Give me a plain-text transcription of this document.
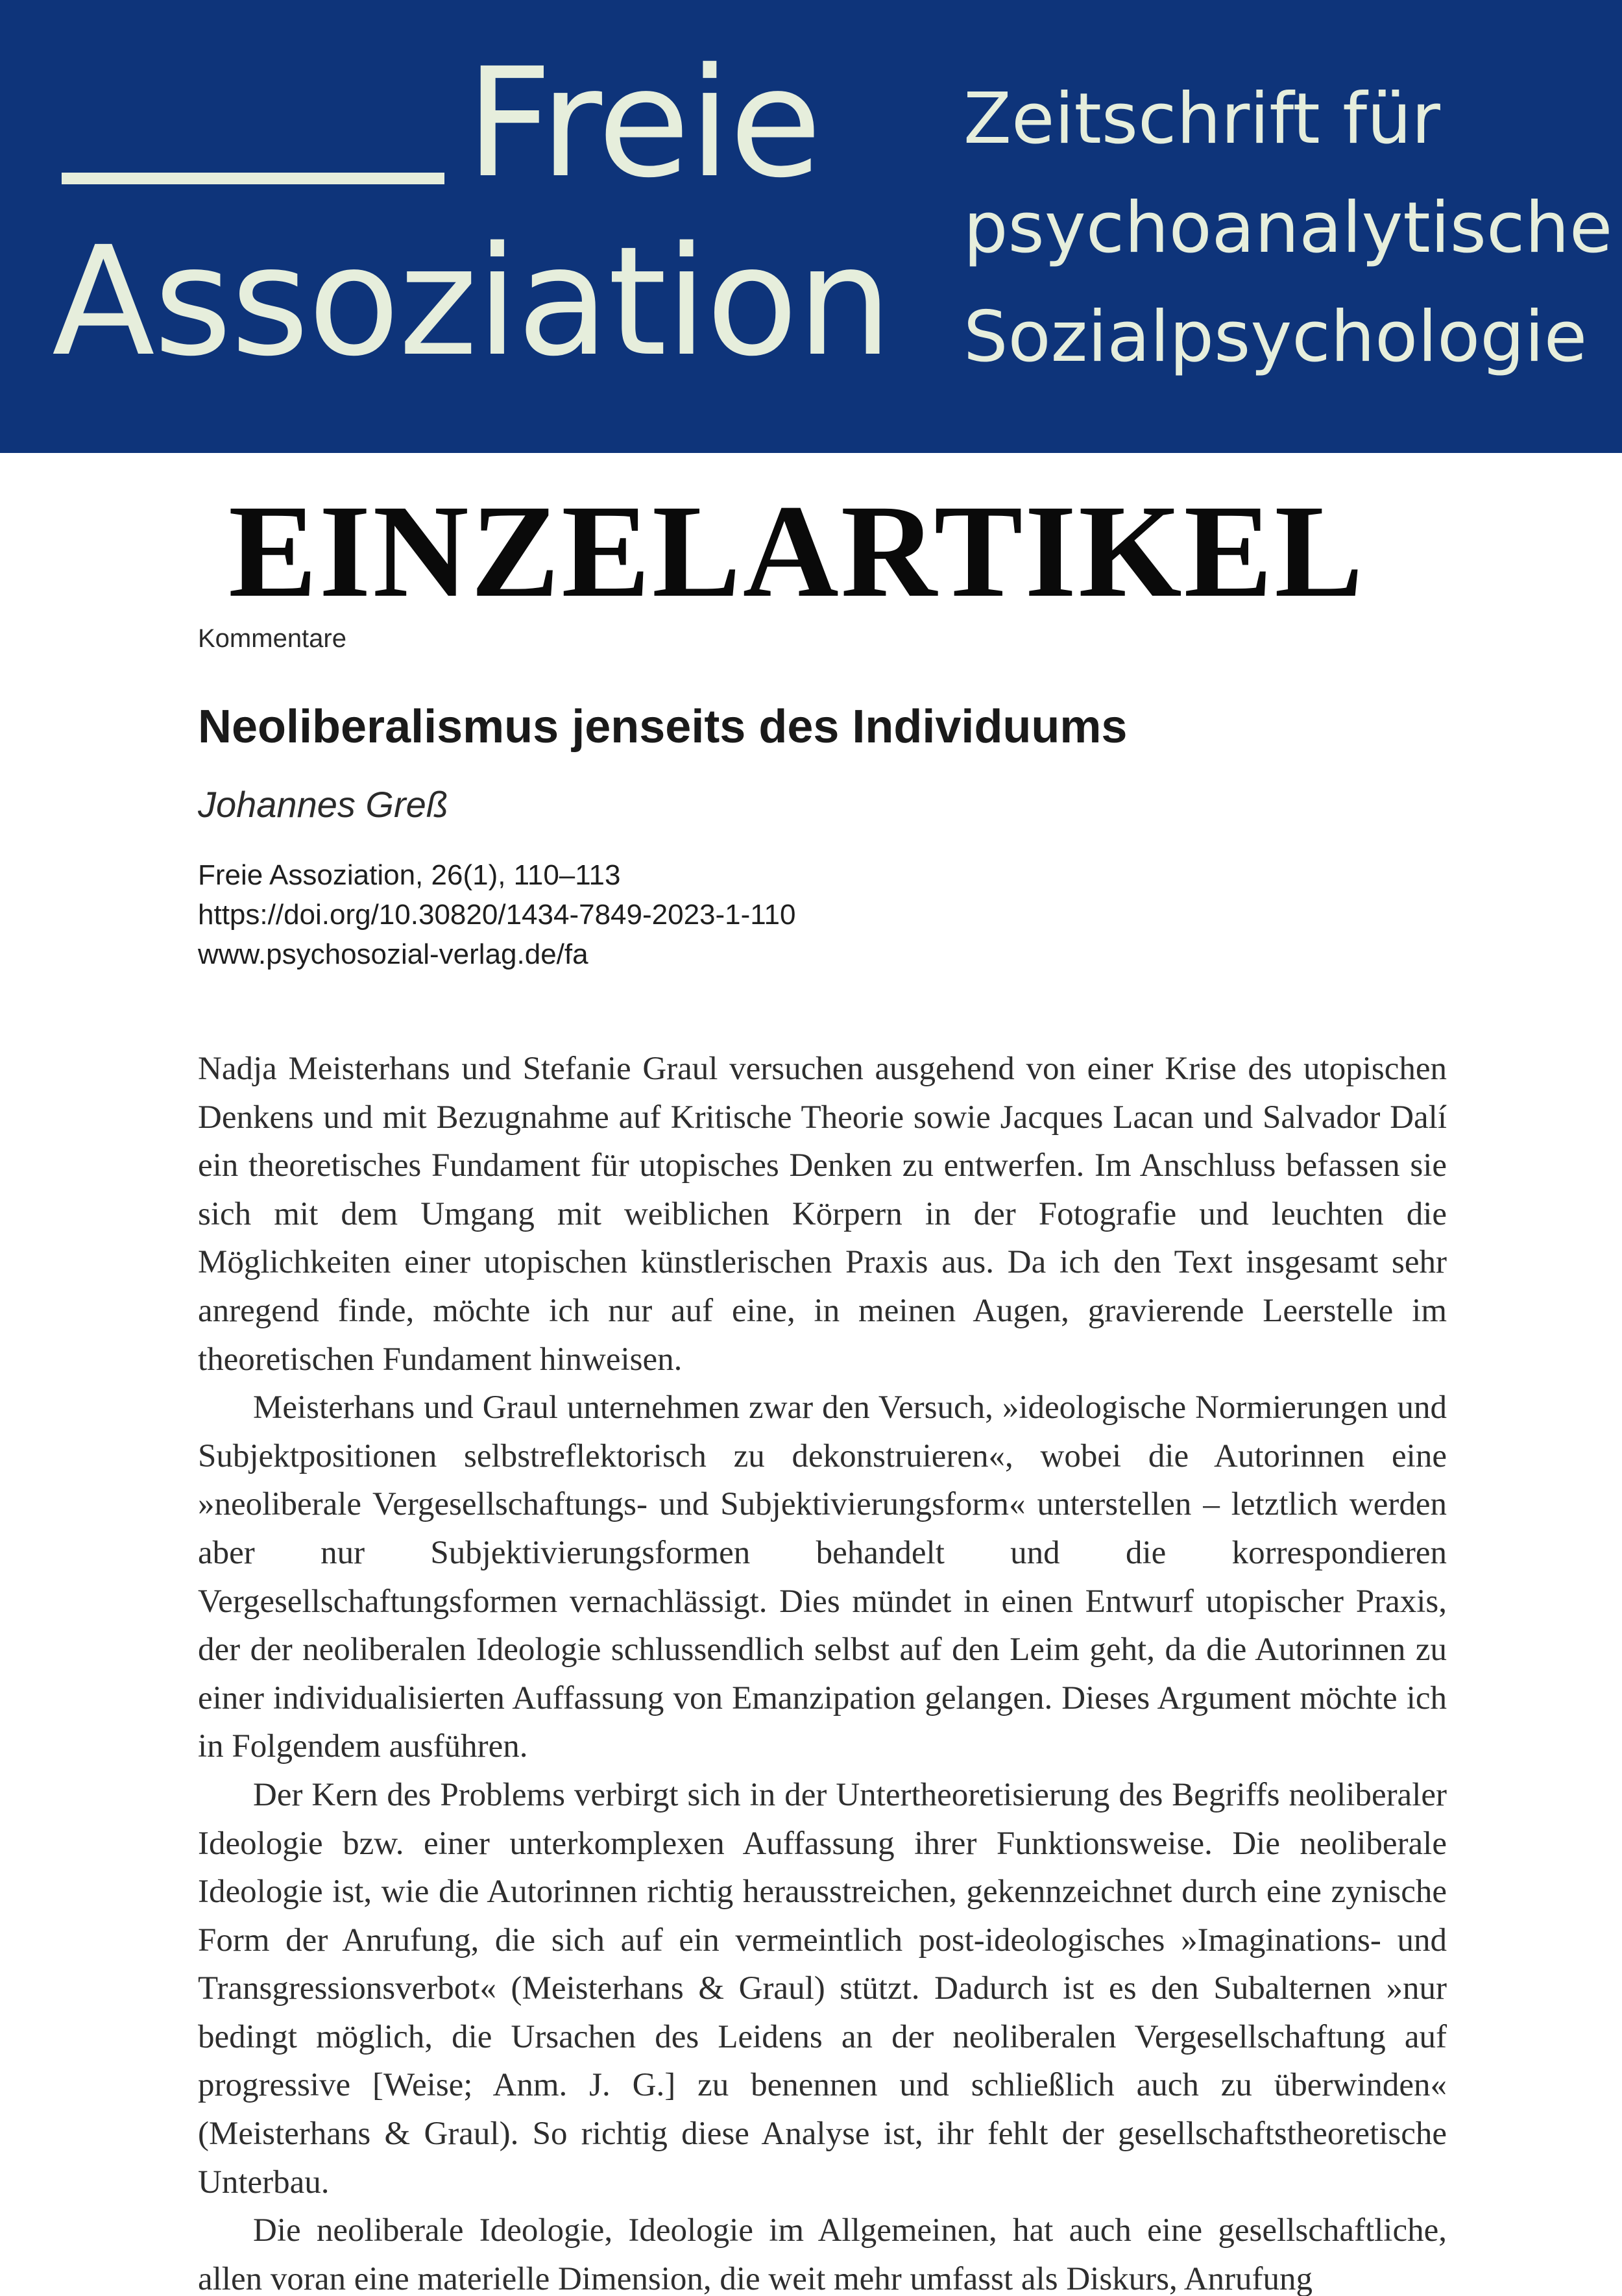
Freie
Assoziation
Zeitschrift für
psychoanalytische
Sozialpsychologie
EINZELARTIKEL
Kommentare
Neoliberalismus jenseits des Individuums
Johannes Greß
Freie Assoziation, 26(1), 110–113
https://doi.org/10.30820/1434-7849-2023-1-110
www.psychosozial-verlag.de/fa

Nadja Meisterhans und Stefanie Graul versuchen ausgehend von einer Krise des utopischen Denkens und mit Bezugnahme auf Kritische Theorie sowie Jacques Lacan und Salvador Dalí ein theoretisches Fundament für utopisches Denken zu entwerfen. Im Anschluss befassen sie sich mit dem Umgang mit weiblichen Körpern in der Fotografie und leuchten die Möglichkeiten einer utopischen künstlerischen Praxis aus. Da ich den Text insgesamt sehr anregend finde, möchte ich nur auf eine, in meinen Augen, gravierende Leerstelle im theoretischen Fundament hinweisen.

Meisterhans und Graul unternehmen zwar den Versuch, »ideologische Normierungen und Subjektpositionen selbstreflektorisch zu dekonstruieren«, wobei die Autorinnen eine »neoliberale Vergesellschaftungs- und Subjektivierungsform« unterstellen – letztlich werden aber nur Subjektivierungsformen behandelt und die korrespondieren Vergesellschaftungsformen vernachlässigt. Dies mündet in einen Entwurf utopischer Praxis, der der neoliberalen Ideologie schlussendlich selbst auf den Leim geht, da die Autorinnen zu einer individualisierten Auffassung von Emanzipation gelangen. Dieses Argument möchte ich in Folgendem ausführen.

Der Kern des Problems verbirgt sich in der Untertheoretisierung des Begriffs neoliberaler Ideologie bzw. einer unterkomplexen Auffassung ihrer Funktionsweise. Die neoliberale Ideologie ist, wie die Autorinnen richtig herausstreichen, gekennzeichnet durch eine zynische Form der Anrufung, die sich auf ein vermeintlich post-ideologisches »Imaginations- und Transgressionsverbot« (Meisterhans & Graul) stützt. Dadurch ist es den Subalternen »nur bedingt möglich, die Ursachen des Leidens an der neoliberalen Vergesellschaftung auf progressive [Weise; Anm. J. G.] zu benennen und schließlich auch zu überwinden« (Meisterhans & Graul). So richtig diese Analyse ist, ihr fehlt der gesellschaftstheoretische Unterbau.

Die neoliberale Ideologie, Ideologie im Allgemeinen, hat auch eine gesellschaftliche, allen voran eine materielle Dimension, die weit mehr umfasst als Diskurs, Anrufung
